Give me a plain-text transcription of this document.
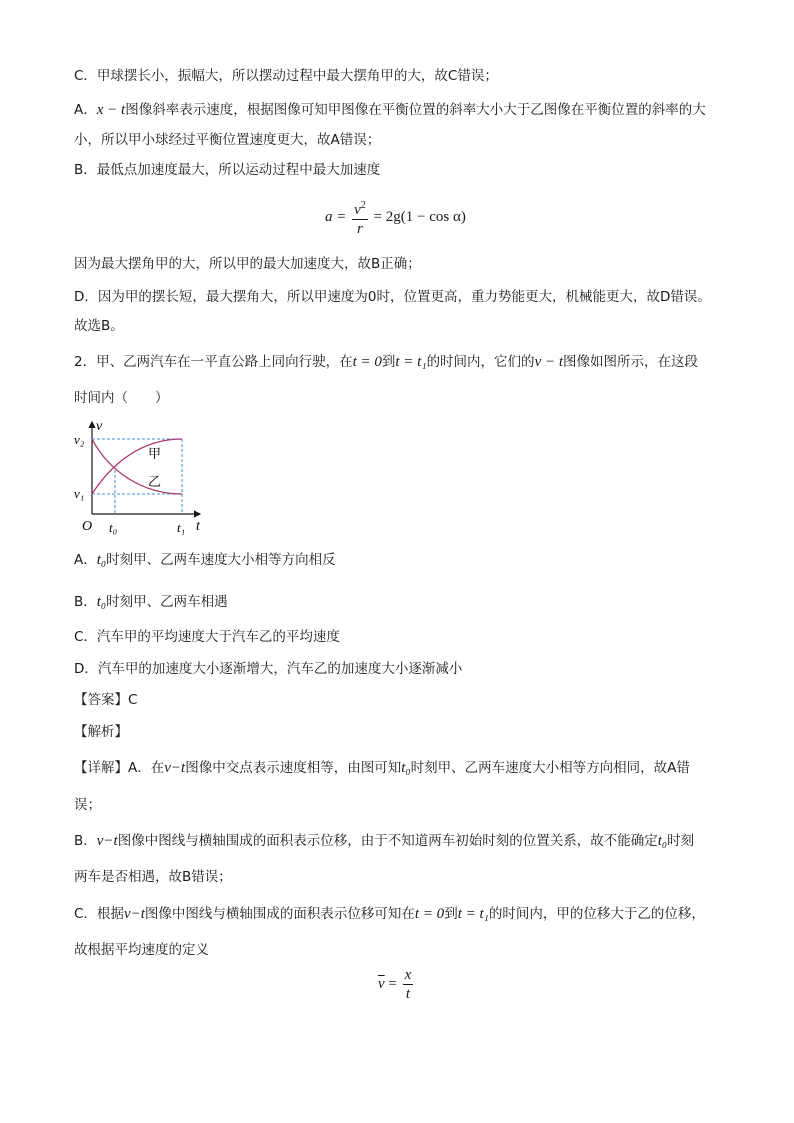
C．甲球摆长小，振幅大，所以摆动过程中最大摆角甲的大，故C错误；
A．x − t图像斜率表示速度，根据图像可知甲图像在平衡位置的斜率大小大于乙图像在平衡位置的斜率的大
小，所以甲小球经过平衡位置速度更大，故A错误；
B．最低点加速度最大，所以运动过程中最大加速度
$a = \frac{v^2}{r} = 2g(1 - \cos \alpha)$
因为最大摆角甲的大，所以甲的最大加速度大，故B正确；
D．因为甲的摆长短，最大摆角大，所以甲速度为0时，位置更高，重力势能更大，机械能更大，故D错误。
故选B。
2．甲、乙两汽车在一平直公路上同向行驶，在t = 0到t = t₁的时间内，它们的v − t图像如图所示，在这段
时间内（　　）
v
v₂
v₁
甲
乙
O t₀	t₁ t
A．t₀时刻甲、乙两车速度大小相等方向相反
B．t₀时刻甲、乙两车相遇
C．汽车甲的平均速度大于汽车乙的平均速度
D．汽车甲的加速度大小逐渐增大，汽车乙的加速度大小逐渐减小
【答案】C
【解析】
【详解】A．在v−t图像中交点表示速度相等，由图可知t₀时刻甲、乙两车速度大小相等方向相同，故A错
误；
B．v−t图像中图线与横轴围成的面积表示位移，由于不知道两车初始时刻的位置关系，故不能确定t₀时刻
两车是否相遇，故B错误；
C．根据v−t图像中图线与横轴围成的面积表示位移可知在t = 0到t = t₁的时间内，甲的位移大于乙的位移，
故根据平均速度的定义
$\overline{v} = \frac{x}{t}$
